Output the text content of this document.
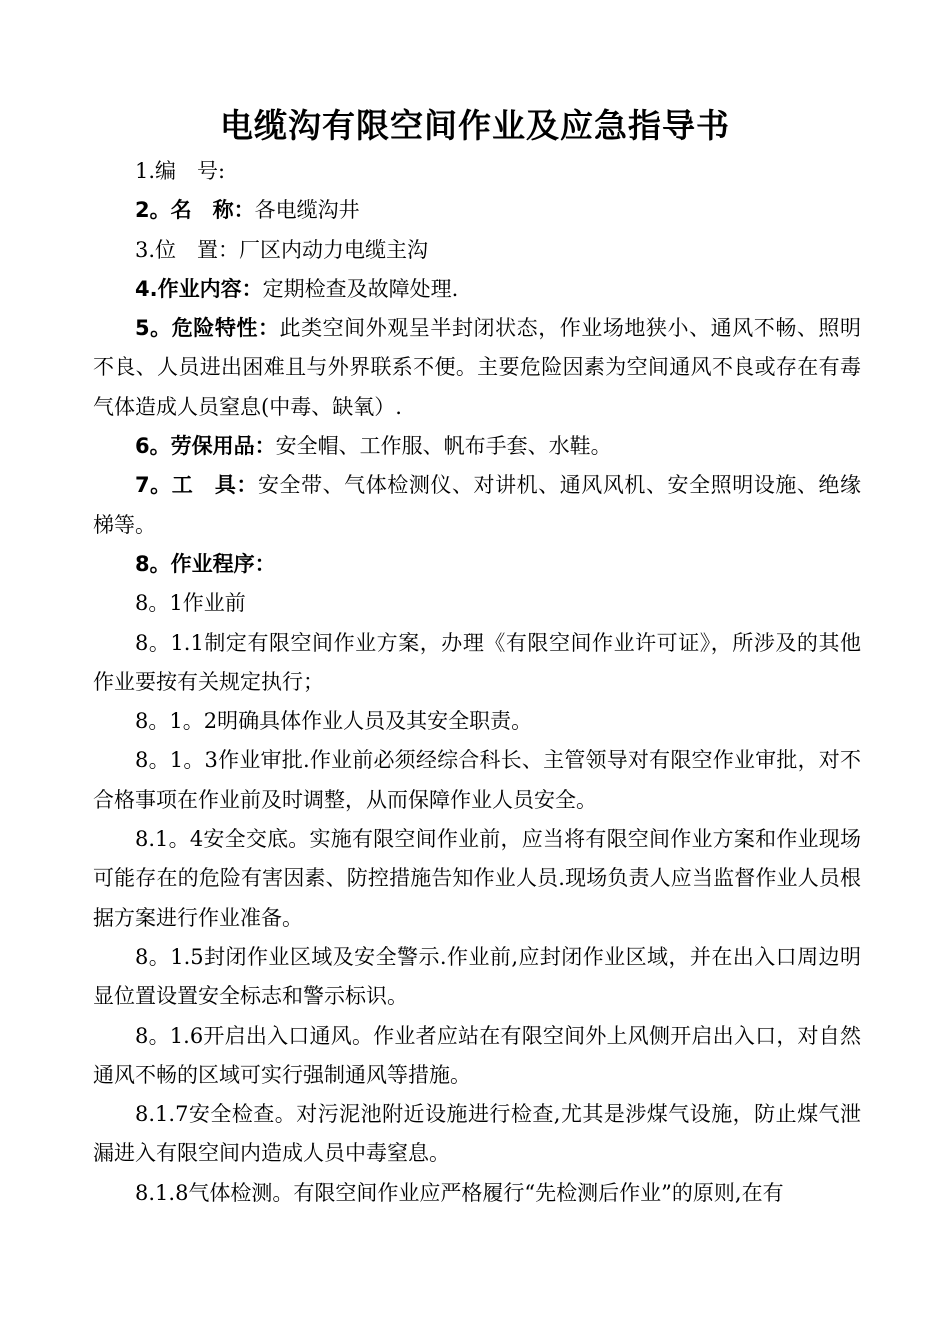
电缆沟有限空间作业及应急指导书

1.编　号:

2。名　称：各电缆沟井

3.位　置：厂区内动力电缆主沟

4.作业内容：定期检查及故障处理.

5。危险特性：此类空间外观呈半封闭状态，作业场地狭小、通风不畅、照明不良、人员进出困难且与外界联系不便。主要危险因素为空间通风不良或存在有毒气体造成人员窒息(中毒、缺氧）.

6。劳保用品：安全帽、工作服、帆布手套、水鞋。

7。工　具：安全带、气体检测仪、对讲机、通风风机、安全照明设施、绝缘梯等。

8。作业程序：

8。1作业前

8。1.1制定有限空间作业方案，办理《有限空间作业许可证》，所涉及的其他作业要按有关规定执行；

8。1。2明确具体作业人员及其安全职责。

8。1。3作业审批.作业前必须经综合科长、主管领导对有限空作业审批，对不合格事项在作业前及时调整，从而保障作业人员安全。

8.1。4安全交底。实施有限空间作业前，应当将有限空间作业方案和作业现场可能存在的危险有害因素、防控措施告知作业人员.现场负责人应当监督作业人员根据方案进行作业准备。

8。1.5封闭作业区域及安全警示.作业前,应封闭作业区域，并在出入口周边明显位置设置安全标志和警示标识。

8。1.6开启出入口通风。作业者应站在有限空间外上风侧开启出入口，对自然通风不畅的区域可实行强制通风等措施。

8.1.7安全检查。对污泥池附近设施进行检查,尤其是涉煤气设施，防止煤气泄漏进入有限空间内造成人员中毒窒息。

8.1.8气体检测。有限空间作业应严格履行“先检测后作业”的原则,在有
